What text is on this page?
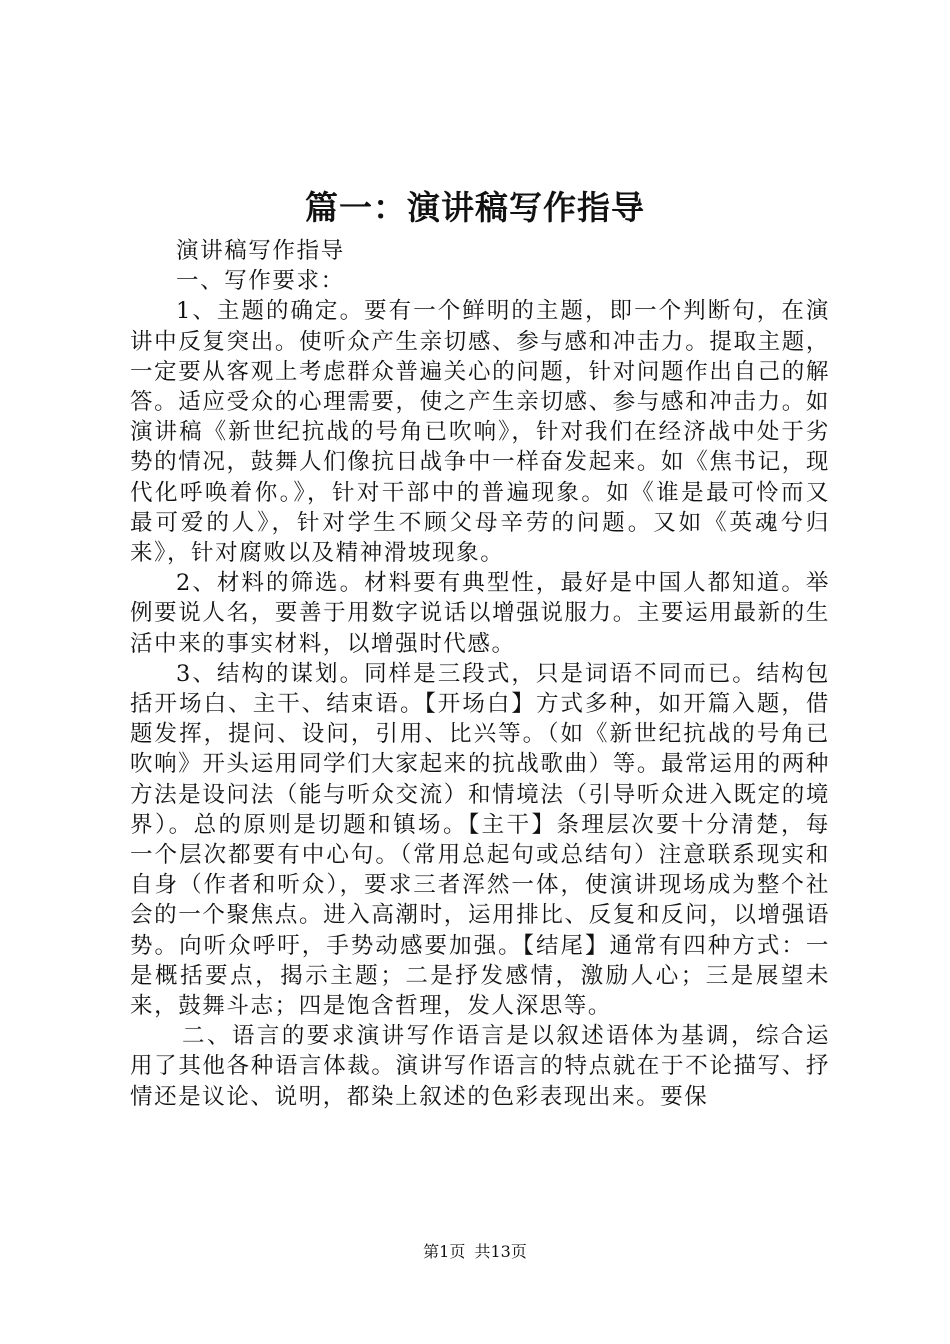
篇一：演讲稿写作指导

演讲稿写作指导

一、写作要求：

1、主题的确定。要有一个鲜明的主题，即一个判断句，在演讲中反复突出。使听众产生亲切感、参与感和冲击力。提取主题，一定要从客观上考虑群众普遍关心的问题，针对问题作出自己的解答。适应受众的心理需要，使之产生亲切感、参与感和冲击力。如演讲稿《新世纪抗战的号角已吹响》，针对我们在经济战中处于劣势的情况，鼓舞人们像抗日战争中一样奋发起来。如《焦书记，现代化呼唤着你。》，针对干部中的普遍现象。如《谁是最可怜而又最可爱的人》，针对学生不顾父母辛劳的问题。又如《英魂兮归来》，针对腐败以及精神滑坡现象。

2、材料的筛选。材料要有典型性，最好是中国人都知道。举例要说人名，要善于用数字说话以增强说服力。主要运用最新的生活中来的事实材料，以增强时代感。

3、结构的谋划。同样是三段式，只是词语不同而已。结构包括开场白、主干、结束语。【开场白】方式多种，如开篇入题，借题发挥，提问、设问，引用、比兴等。（如《新世纪抗战的号角已吹响》开头运用同学们大家起来的抗战歌曲）等。最常运用的两种方法是设问法（能与听众交流）和情境法（引导听众进入既定的境界）。总的原则是切题和镇场。【主干】条理层次要十分清楚，每一个层次都要有中心句。（常用总起句或总结句）注意联系现实和自身（作者和听众），要求三者浑然一体，使演讲现场成为整个社会的一个聚焦点。进入高潮时，运用排比、反复和反问，以增强语势。向听众呼吁，手势动感要加强。【结尾】通常有四种方式：一是概括要点，揭示主题；二是抒发感情，激励人心；三是展望未来，鼓舞斗志；四是饱含哲理，发人深思等。

二、语言的要求演讲写作语言是以叙述语体为基调，综合运用了其他各种语言体裁。演讲写作语言的特点就在于不论描写、抒情还是议论、说明，都染上叙述的色彩表现出来。要保

第1页 共13页
